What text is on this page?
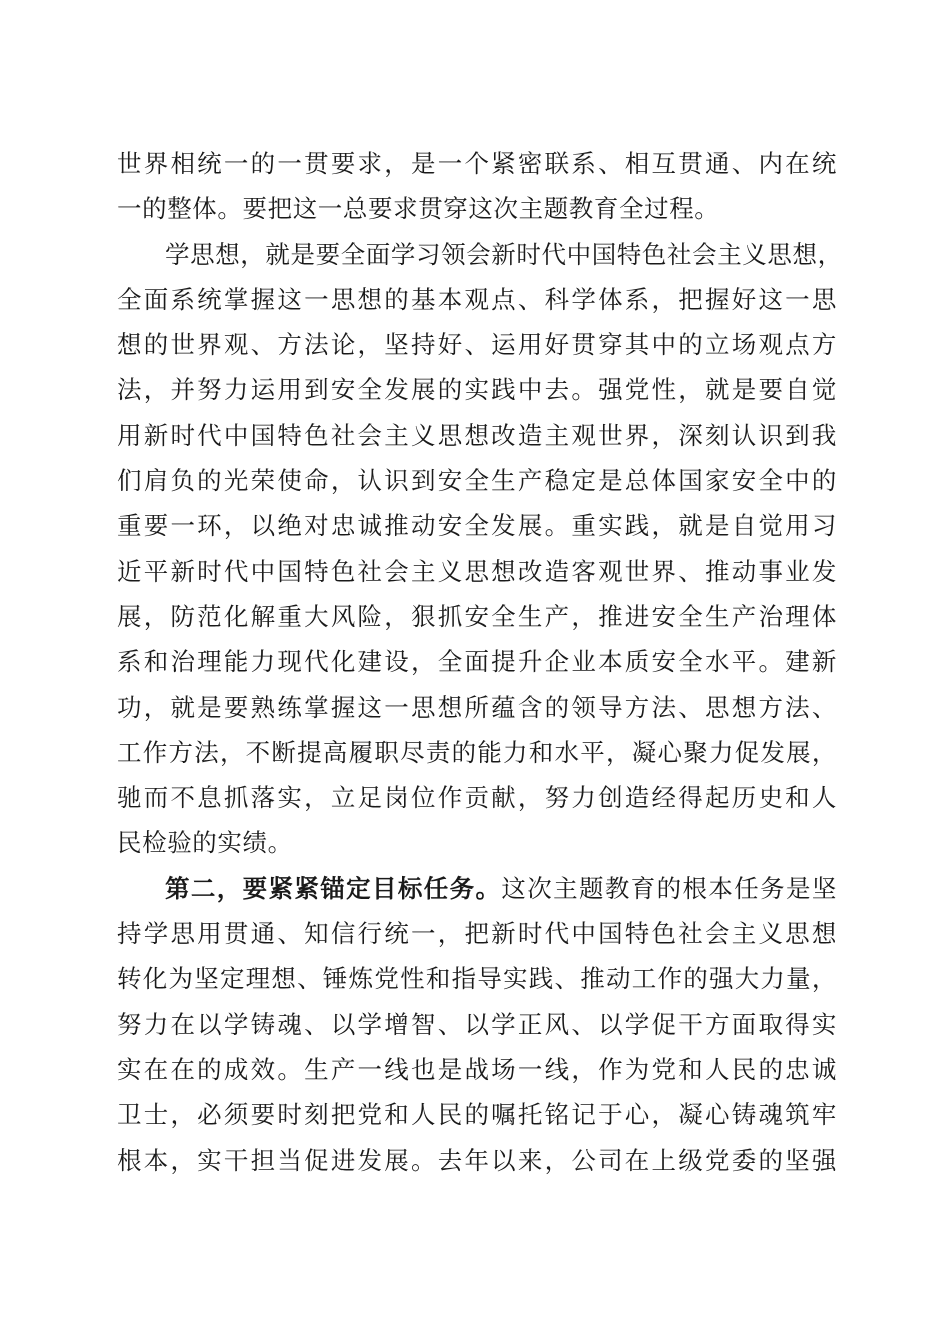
世界相统一的一贯要求，是一个紧密联系、相互贯通、内在统
一的整体。要把这一总要求贯穿这次主题教育全过程。
学思想，就是要全面学习领会新时代中国特色社会主义思想，
全面系统掌握这一思想的基本观点、科学体系，把握好这一思
想的世界观、方法论，坚持好、运用好贯穿其中的立场观点方
法，并努力运用到安全发展的实践中去。强党性，就是要自觉
用新时代中国特色社会主义思想改造主观世界，深刻认识到我
们肩负的光荣使命，认识到安全生产稳定是总体国家安全中的
重要一环，以绝对忠诚推动安全发展。重实践，就是自觉用习
近平新时代中国特色社会主义思想改造客观世界、推动事业发
展，防范化解重大风险，狠抓安全生产，推进安全生产治理体
系和治理能力现代化建设，全面提升企业本质安全水平。建新
功，就是要熟练掌握这一思想所蕴含的领导方法、思想方法、
工作方法，不断提高履职尽责的能力和水平，凝心聚力促发展，
驰而不息抓落实，立足岗位作贡献，努力创造经得起历史和人
民检验的实绩。
第二，要紧紧锚定目标任务。这次主题教育的根本任务是坚
持学思用贯通、知信行统一，把新时代中国特色社会主义思想
转化为坚定理想、锤炼党性和指导实践、推动工作的强大力量，
努力在以学铸魂、以学增智、以学正风、以学促干方面取得实
实在在的成效。生产一线也是战场一线，作为党和人民的忠诚
卫士，必须要时刻把党和人民的嘱托铭记于心，凝心铸魂筑牢
根本，实干担当促进发展。去年以来，公司在上级党委的坚强
